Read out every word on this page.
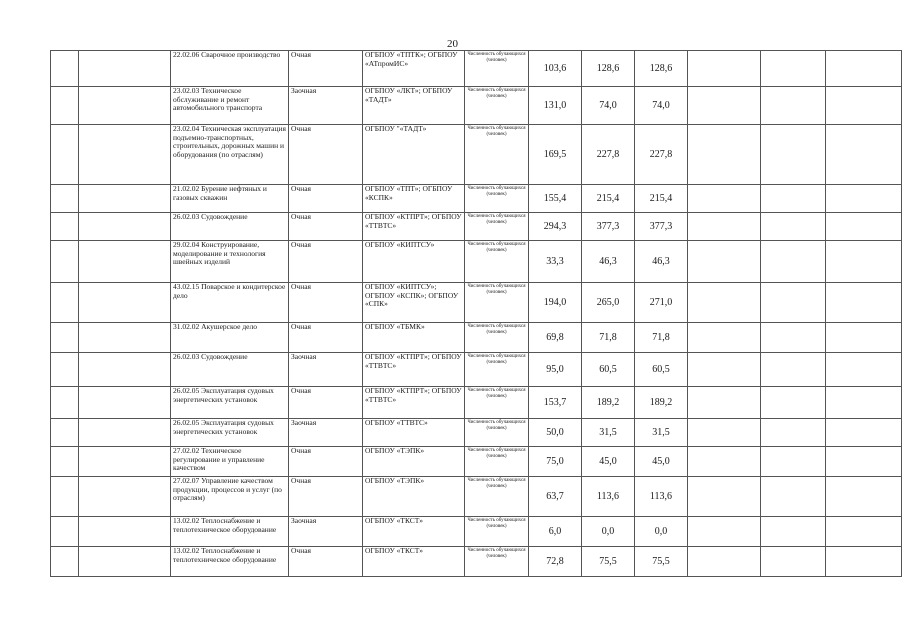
20
		22.02.06 Сварочное производство	Очная	ОГБПОУ «ТПТК»; ОГБПОУ «АТпромИС»	Численность обучающихся (человек)	103,6	128,6	128,6			
		23.02.03 Техническое обслуживание и ремонт автомобильного транспорта	Заочная	ОГБПОУ «ЛКТ»; ОГБПОУ «ТАДТ»	Численность обучающихся (человек)	131,0	74,0	74,0			
		23.02.04 Техническая эксплуатация подъемно-транспортных, строительных, дорожных машин и оборудования (по отраслям)	Очная	ОГБПОУ "«ТАДТ»	Численность обучающихся (человек)	169,5	227,8	227,8			
		21.02.02 Бурение нефтяных и газовых скважин	Очная	ОГБПОУ «ТПТ»; ОГБПОУ «КСПК»	Численность обучающихся (человек)	155,4	215,4	215,4			
		26.02.03 Судовождение	Очная	ОГБПОУ «КТПРТ»; ОГБПОУ «ТТВТС»	Численность обучающихся (человек)	294,3	377,3	377,3			
		29.02.04 Конструирование, моделирование и технология швейных изделий	Очная	ОГБПОУ «КИПТСУ»	Численность обучающихся (человек)	33,3	46,3	46,3			
		43.02.15 Поварское и кондитерское дело	Очная	ОГБПОУ «КИПТСУ»; ОГБПОУ «КСПК»; ОГБПОУ «СПК»	Численность обучающихся (человек)	194,0	265,0	271,0			
		31.02.02 Акушерское дело	Очная	ОГБПОУ «ТБМК»	Численность обучающихся (человек)	69,8	71,8	71,8			
		26.02.03 Судовождение	Заочная	ОГБПОУ «КТПРТ»; ОГБПОУ «ТТВТС»	Численность обучающихся (человек)	95,0	60,5	60,5			
		26.02.05 Эксплуатация судовых энергетических установок	Очная	ОГБПОУ «КТПРТ»; ОГБПОУ «ТТВТС»	Численность обучающихся (человек)	153,7	189,2	189,2			
		26.02.05 Эксплуатация судовых энергетических установок	Заочная	ОГБПОУ «ТТВТС»	Численность обучающихся (человек)	50,0	31,5	31,5			
		27.02.02 Техническое регулирование и управление качеством	Очная	ОГБПОУ «ТЭПК»	Численность обучающихся (человек)	75,0	45,0	45,0			
		27.02.07 Управление качеством продукции, процессов и услуг (по отраслям)	Очная	ОГБПОУ «ТЭПК»	Численность обучающихся (человек)	63,7	113,6	113,6			
		13.02.02 Теплоснабжение и теплотехническое оборудование	Заочная	ОГБПОУ «ТКСТ»	Численность обучающихся (человек)	6,0	0,0	0,0			
		13.02.02 Теплоснабжение и теплотехническое оборудование	Очная	ОГБПОУ «ТКСТ»	Численность обучающихся (человек)	72,8	75,5	75,5			
